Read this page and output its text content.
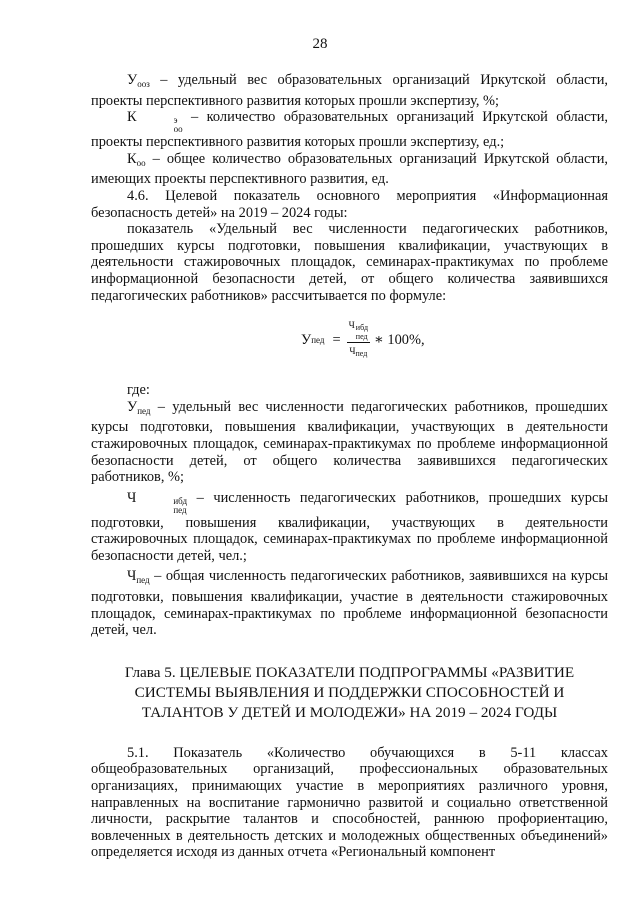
28

$У_{ооз}$ – удельный вес образовательных организаций Иркутской области, проекты перспективного развития которых прошли экспертизу, %;

К	э
оо
– количество образовательных организаций Иркутской области, проекты перспективного развития которых прошли экспертизу, ед.;

$К_{оо}$ – общее количество образовательных организаций Иркутской области, имеющих проекты перспективного развития, ед.

4.6. Целевой показатель основного мероприятия «Информационная безопасность детей» на 2019 – 2024 годы:

показатель «Удельный вес численности педагогических работников, прошедших курсы подготовки, повышения квалификации, участвующих в деятельности стажировочных площадок, семинарах-практикумах по проблеме информационной безопасности детей, от общего количества заявившихся педагогических работников» рассчитывается по формуле:

У пед = Ч ибд
пед
$Ч_{пед}$ ∗ 100%,

где:

$У_{пед}$ – удельный вес численности педагогических работников, прошедших курсы подготовки, повышения квалификации, участвующих в деятельности стажировочных площадок, семинарах-практикумах по проблеме информационной безопасности детей, от общего количества заявившихся педагогических работников, %;

Ч	ибд
пед
– численность педагогических работников, прошедших курсы подготовки, повышения квалификации, участвующих в деятельности стажировочных площадок, семинарах-практикумах по проблеме информационной безопасности детей, чел.;

$Ч_{пед}$ – общая численность педагогических работников, заявившихся на курсы подготовки, повышения квалификации, участие в деятельности стажировочных площадок, семинарах-практикумах по проблеме информационной безопасности детей, чел.

Глава 5. ЦЕЛЕВЫЕ ПОКАЗАТЕЛИ ПОДПРОГРАММЫ «РАЗВИТИЕ СИСТЕМЫ ВЫЯВЛЕНИЯ И ПОДДЕРЖКИ СПОСОБНОСТЕЙ И ТАЛАНТОВ У ДЕТЕЙ И МОЛОДЕЖИ» НА 2019 – 2024 ГОДЫ

5.1. Показатель «Количество обучающихся в 5-11 классах общеобразовательных организаций, профессиональных образовательных организациях, принимающих участие в мероприятиях различного уровня, направленных на воспитание гармонично развитой и социально ответственной личности, раскрытие талантов и способностей, раннюю профориентацию, вовлеченных в деятельность детских и молодежных общественных объединений» определяется исходя из данных отчета «Региональный компонент
